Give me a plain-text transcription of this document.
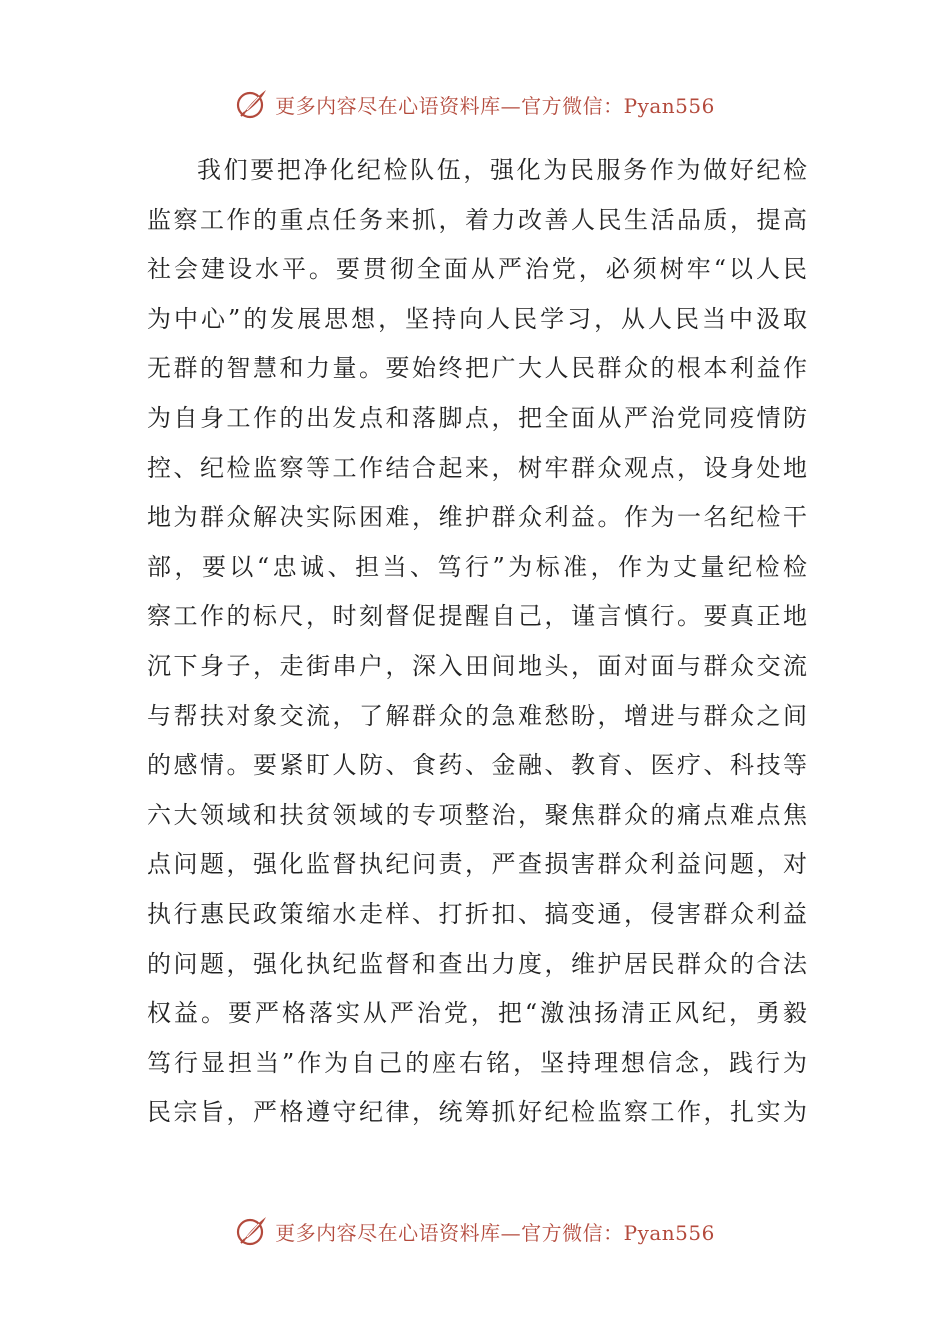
更多内容尽在心语资料库—官方微信：Pyan556
我们要把净化纪检队伍，强化为民服务作为做好纪检
监察工作的重点任务来抓，着力改善人民生活品质，提高
社会建设水平。要贯彻全面从严治党，必须树牢“以人民
为中心”的发展思想，坚持向人民学习，从人民当中汲取
无群的智慧和力量。要始终把广大人民群众的根本利益作
为自身工作的出发点和落脚点，把全面从严治党同疫情防
控、纪检监察等工作结合起来，树牢群众观点，设身处地
地为群众解决实际困难，维护群众利益。作为一名纪检干
部，要以“忠诚、担当、笃行”为标准，作为丈量纪检检
察工作的标尺，时刻督促提醒自己，谨言慎行。要真正地
沉下身子，走街串户，深入田间地头，面对面与群众交流
与帮扶对象交流，了解群众的急难愁盼，增进与群众之间
的感情。要紧盯人防、食药、金融、教育、医疗、科技等
六大领域和扶贫领域的专项整治，聚焦群众的痛点难点焦
点问题，强化监督执纪问责，严查损害群众利益问题，对
执行惠民政策缩水走样、打折扣、搞变通，侵害群众利益
的问题，强化执纪监督和查出力度，维护居民群众的合法
权益。要严格落实从严治党，把“激浊扬清正风纪，勇毅
笃行显担当”作为自己的座右铭，坚持理想信念，践行为
民宗旨，严格遵守纪律，统筹抓好纪检监察工作，扎实为
更多内容尽在心语资料库—官方微信：Pyan556
